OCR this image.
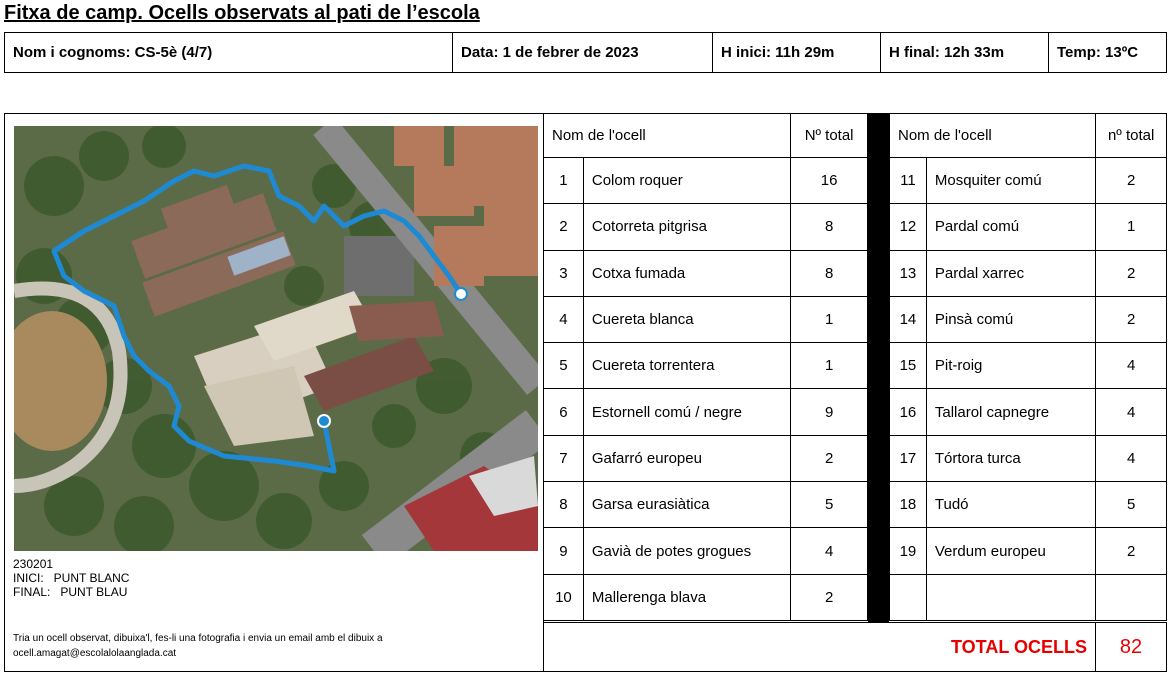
Fitxa de camp. Ocells observats al pati de l’escola
Nom i cognoms: CS-5è (4/7)	Data: 1 de febrer de 2023	H inici: 11h 29m	H final: 12h 33m	Temp: 13ºC
230201
INICI:   PUNT BLANC
FINAL:   PUNT BLAU
Tria un ocell observat, dibuixa'l, fes-li una fotografia i envia un email amb el dibuix a ocell.amagat@escolalolaanglada.cat
Nom de l'ocell		Nº total
1	Colom roquer	16
2	Cotorreta pitgrisa	8
3	Cotxa fumada	8
4	Cuereta blanca	1
5	Cuereta torrentera	1
6	Estornell comú / negre	9
7	Gafarró europeu	2
8	Garsa eurasiàtica	5
9	Gavià de potes grogues	4
10	Mallerenga blava	2
Nom de l'ocell		nº total
11	Mosquiter comú	2
12	Pardal comú	1
13	Pardal xarrec	2
14	Pinsà comú	2
15	Pit-roig	4
16	Tallarol capnegre	4
17	Tórtora turca	4
18	Tudó	5
19	Verdum europeu	2

TOTAL OCELLS	82
